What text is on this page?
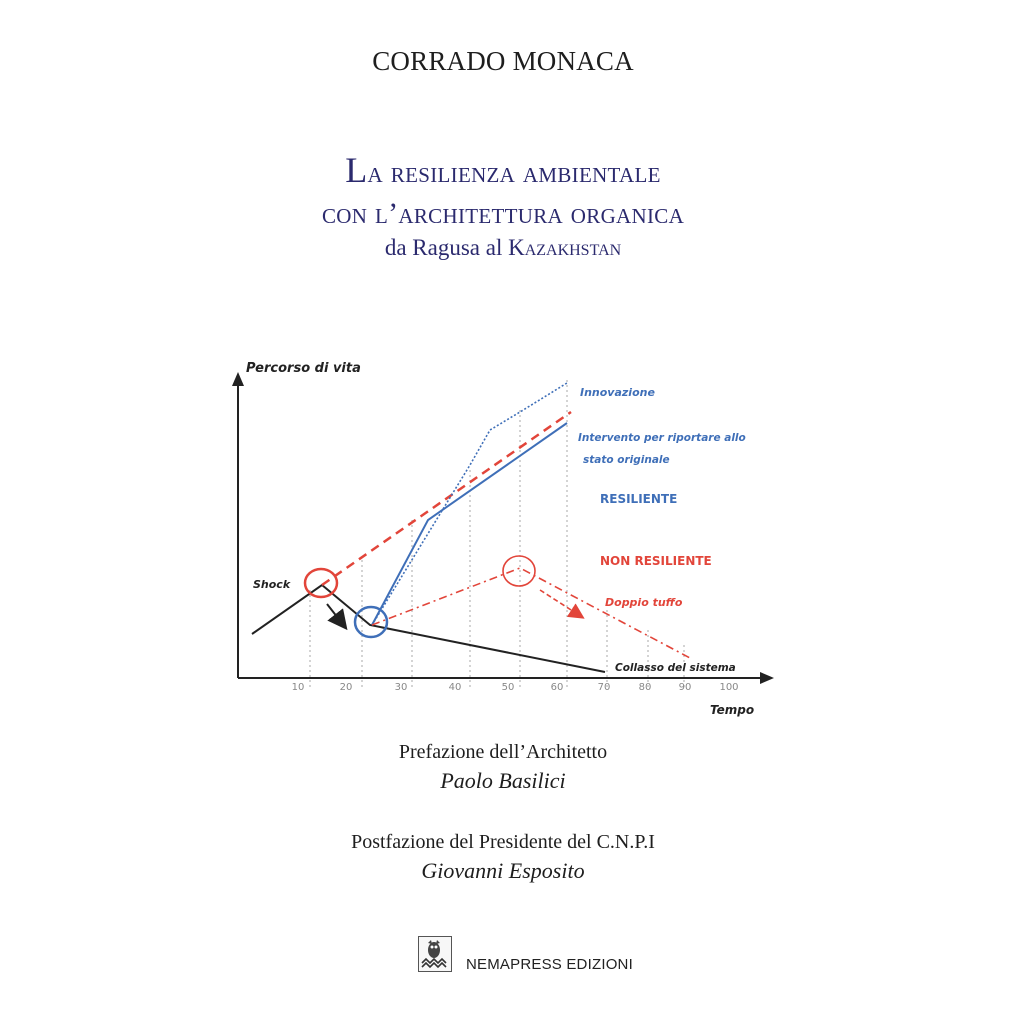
CORRADO MONACA
La resilienza ambientale
con l’architettura organica
da Ragusa al Kazakhstan
10	20	30	40	50	60	70	80	90	100
Percorso di vita
Tempo
Shock
Innovazione
Intervento per riportare allo
stato originale
RESILIENTE
NON RESILIENTE
Doppio tuffo
Collasso del sistema
Prefazione dell’Architetto
Paolo Basilici
Postfazione del Presidente del C.N.P.I
Giovanni Esposito
NEMAPRESS EDIZIONI
